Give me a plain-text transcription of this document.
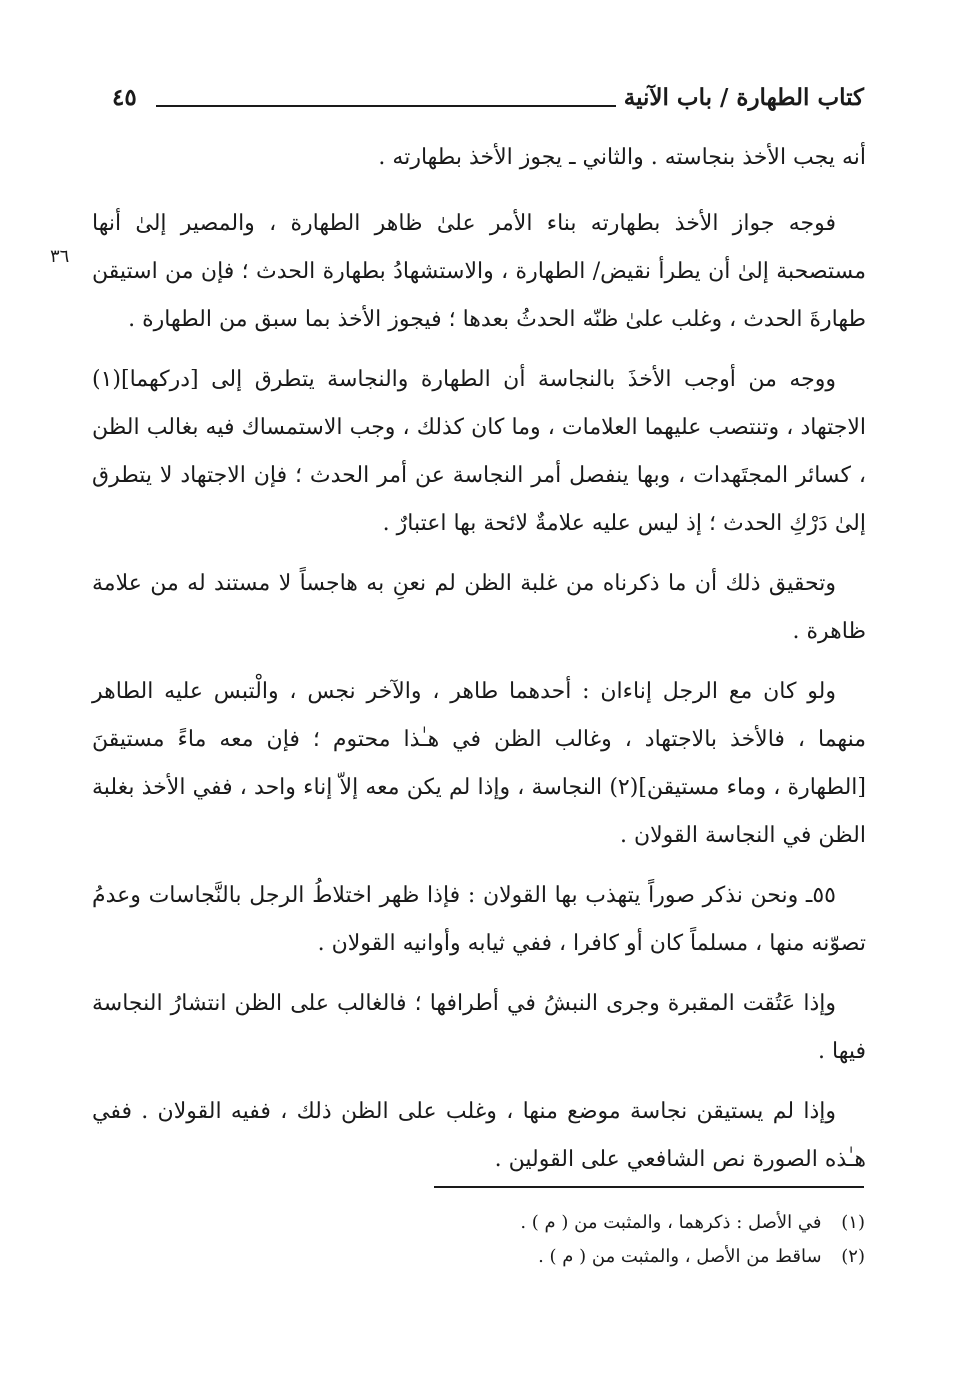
كتاب الطهارة / باب الآنية
٤٥
٣٦

أنه يجب الأخذ بنجاسته . والثاني ـ يجوز الأخذ بطهارته .

فوجه جواز الأخذ بطهارته بناء الأمر علىٰ ظاهر الطهارة ، والمصير إلىٰ أنها مستصحبة إلىٰ أن يطرأ نقيض/ الطهارة ، والاستشهادُ بطهارة الحدث ؛ فإن من استيقن طهارةَ الحدث ، وغلب علىٰ ظنّه الحدثُ بعدها ؛ فيجوز الأخذ بما سبق من الطهارة .

ووجه من أوجب الأخذَ بالنجاسة أن الطهارة والنجاسة يتطرق إلى [دركهما](١) الاجتهاد ، وتنتصب عليهما العلامات ، وما كان كذلك ، وجب الاستمساك فيه بغالب الظن ، كسائر المجتَهدات ، وبها ينفصل أمر النجاسة عن أمر الحدث ؛ فإن الاجتهاد لا يتطرق إلىٰ دَرْكِ الحدث ؛ إذ ليس عليه علامةٌ لائحة بها اعتبارٌ .

وتحقيق ذلك أن ما ذكرناه من غلبة الظن لم نعنِ به هاجساً لا مستند له من علامة ظاهرة .

ولو كان مع الرجل إناءان : أحدهما طاهر ، والآخر نجس ، والْتبس عليه الطاهر منهما ، فالأخذ بالاجتهاد ، وغالب الظن في هـٰذا محتوم ؛ فإن معه ماءً مستيقنَ [الطهارة ، وماء مستيقن](٢) النجاسة ، وإذا لم يكن معه إلاّ إناء واحد ، ففي الأخذ بغلبة الظن في النجاسة القولان .

٥٥ـ ونحن نذكر صوراً يتهذب بها القولان : فإذا ظهر اختلاطُ الرجل بالنَّجاسات وعدمُ تصوّنه منها ، مسلماً كان أو كافرا ، ففي ثيابه وأوانيه القولان .

وإذا عَتُقت المقبرة وجرى النبشُ في أطرافها ؛ فالغالب على الظن انتشارُ النجاسة فيها .

وإذا لم يستيقن نجاسة موضع منها ، وغلب على الظن ذلك ، ففيه القولان . ففي هـٰذه الصورة نص الشافعي على القولين .

(١) في الأصل : ذكرهما ، والمثبت من ( م ) .
(٢) ساقط من الأصل ، والمثبت من ( م ) .
